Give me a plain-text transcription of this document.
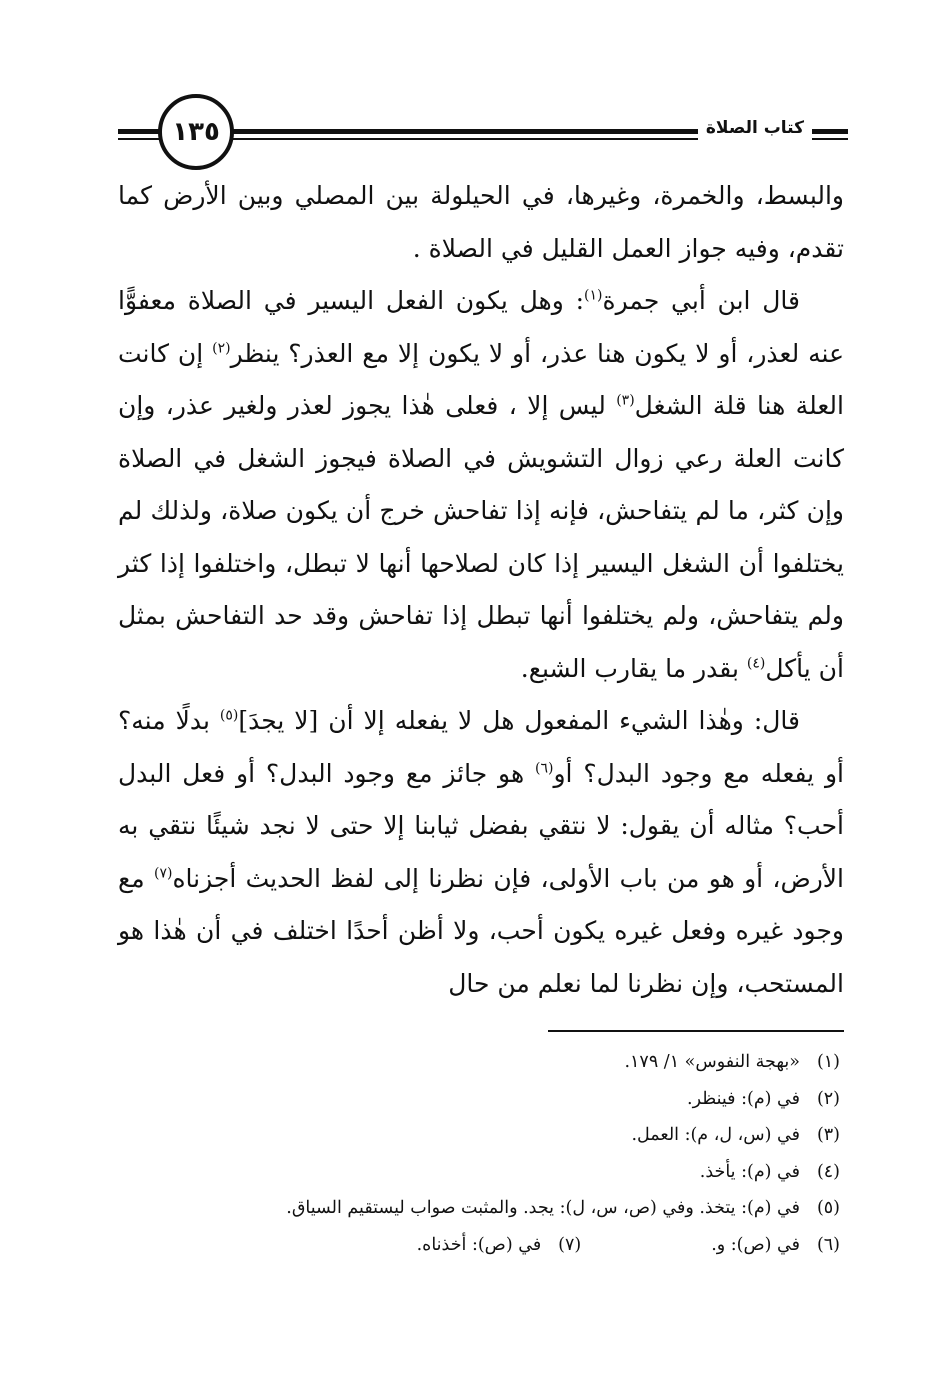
كتاب الصلاة
١٣٥

والبسط، والخمرة، وغيرها، في الحيلولة بين المصلي وبين الأرض كما تقدم، وفيه جواز العمل القليل في الصلاة .

قال ابن أبي جمرة$^{(١)}$: وهل يكون الفعل اليسير في الصلاة معفوًّا عنه لعذر، أو لا يكون هنا عذر، أو لا يكون إلا مع العذر؟ ينظر$^{(٢)}$ إن كانت العلة هنا قلة الشغل$^{(٣)}$ ليس إلا ، فعلى هٰذا يجوز لعذر ولغير عذر، وإن كانت العلة رعي زوال التشويش في الصلاة فيجوز الشغل في الصلاة وإن كثر، ما لم يتفاحش، فإنه إذا تفاحش خرج أن يكون صلاة، ولذلك لم يختلفوا أن الشغل اليسير إذا كان لصلاحها أنها لا تبطل، واختلفوا إذا كثر ولم يتفاحش، ولم يختلفوا أنها تبطل إذا تفاحش وقد حد التفاحش بمثل أن يأكل$^{(٤)}$ بقدر ما يقارب الشبع.

قال: وهٰذا الشيء المفعول هل لا يفعله إلا أن [لا يجدَ]$^{(٥)}$ بدلًا منه؟ أو يفعله مع وجود البدل؟ أو$^{(٦)}$ هو جائز مع وجود البدل؟ أو فعل البدل أحب؟ مثاله أن يقول: لا نتقي بفضل ثيابنا إلا حتى لا نجد شيئًا نتقي به الأرض، أو هو من باب الأولى، فإن نظرنا إلى لفظ الحديث أجزناه$^{(٧)}$ مع وجود غيره وفعل غيره يكون أحب، ولا أظن أحدًا اختلف في أن هٰذا هو المستحب، وإن نظرنا لما نعلم من حال

(١)
«بهجة النفوس» ١/ ١٧٩.
(٢)
في (م): فينظر.
(٣)
في (س، ل، م): العمل.
(٤)
في (م): يأخذ.
(٥)
في (م): يتخذ. وفي (ص، س، ل): يجد. والمثبت صواب ليستقيم السياق.
(٦)
في (ص): و.
(٧)
في (ص): أخذناه.
